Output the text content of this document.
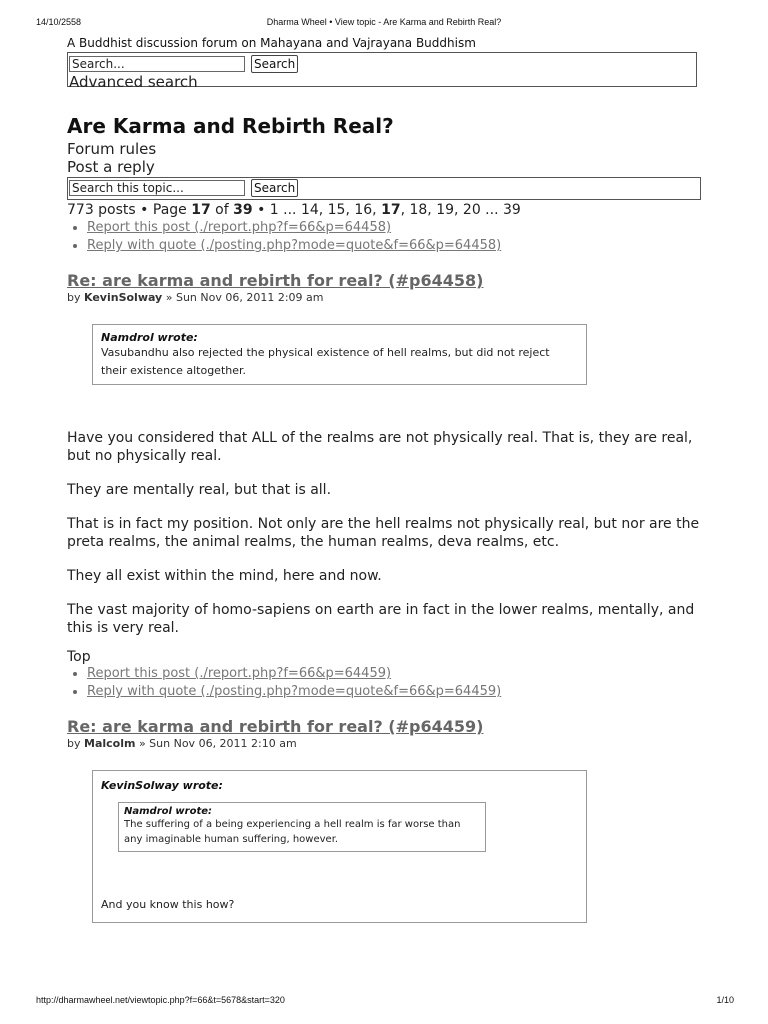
14/10/2558	Dharma Wheel • View topic - Are Karma and Rebirth Real?
A Buddhist discussion forum on Mahayana and Vajrayana Buddhism
Search...
Search
Advanced search
Are Karma and Rebirth Real?
Forum rules
Post a reply
Search this topic...
Search
773 posts • Page 17 of 39 • 1 ... 14, 15, 16, 17, 18, 19, 20 ... 39
• Report this post (./report.php?f=66&p=64458)
• Reply with quote (./posting.php?mode=quote&f=66&p=64458)
Re: are karma and rebirth for real? (#p64458)
by KevinSolway » Sun Nov 06, 2011 2:09 am
Namdrol wrote:
Vasubandhu also rejected the physical existence of hell realms, but did not reject their existence altogether.

Have you considered that ALL of the realms are not physically real. That is, they are real, but no physically real.

They are mentally real, but that is all.

That is in fact my position. Not only are the hell realms not physically real, but nor are the preta realms, the animal realms, the human realms, deva realms, etc.

They all exist within the mind, here and now.

The vast majority of homo-sapiens on earth are in fact in the lower realms, mentally, and this is very real.

Top
• Report this post (./report.php?f=66&p=64459)
• Reply with quote (./posting.php?mode=quote&f=66&p=64459)
Re: are karma and rebirth for real? (#p64459)
by Malcolm » Sun Nov 06, 2011 2:10 am
KevinSolway wrote:
Namdrol wrote:
The suffering of a being experiencing a hell realm is far worse than any imaginable human suffering, however.
And you know this how?
http://dharmawheel.net/viewtopic.php?f=66&t=5678&start=320	1/10
